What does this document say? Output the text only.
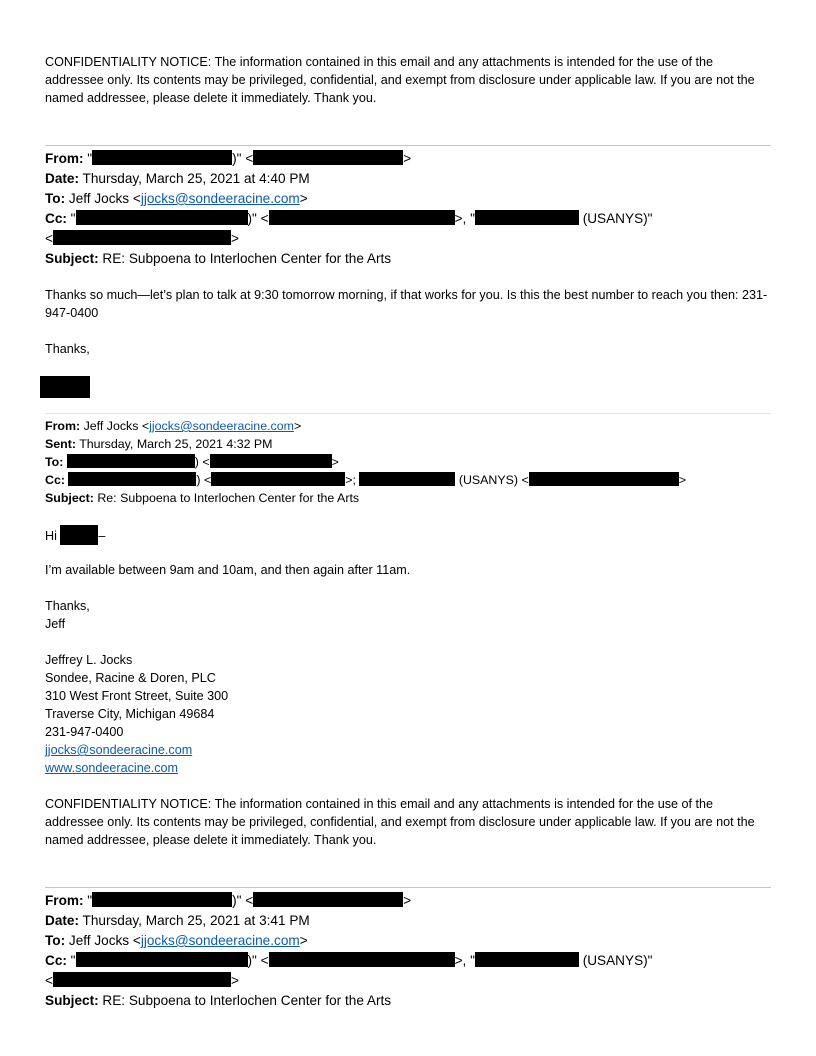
CONFIDENTIALITY NOTICE: The information contained in this email and any attachments is intended for the use of the addressee only. Its contents may be privileged, confidential, and exempt from disclosure under applicable law. If you are not the named addressee, please delete it immediately. Thank you.

From: "	)" <	>
Date: Thursday, March 25, 2021 at 4:40 PM
To: Jeff Jocks <jjocks@sondeeracine.com>
Cc: "	)" <	>, "	(USANYS)"
<	>
Subject: RE: Subpoena to Interlochen Center for the Arts

Thanks so much—let’s plan to talk at 9:30 tomorrow morning, if that works for you. Is this the best number to reach you then: 231-947-0400

Thanks,

From: Jeff Jocks <jjocks@sondeeracine.com>
Sent: Thursday, March 25, 2021 4:32 PM
To:	) <	>
Cc:	) <	>;	(USANYS) <	>
Subject: Re: Subpoena to Interlochen Center for the Arts
Hi	–

I’m available between 9am and 10am, and then again after 11am.

Thanks,
Jeff
Jeffrey L. Jocks
Sondee, Racine & Doren, PLC
310 West Front Street, Suite 300
Traverse City, Michigan 49684
231-947-0400
jjocks@sondeeracine.com
www.sondeeracine.com

CONFIDENTIALITY NOTICE: The information contained in this email and any attachments is intended for the use of the addressee only. Its contents may be privileged, confidential, and exempt from disclosure under applicable law. If you are not the named addressee, please delete it immediately. Thank you.

From: "	)" <	>
Date: Thursday, March 25, 2021 at 3:41 PM
To: Jeff Jocks <jjocks@sondeeracine.com>
Cc: "	)" <	>, "	(USANYS)"
<	>
Subject: RE: Subpoena to Interlochen Center for the Arts
